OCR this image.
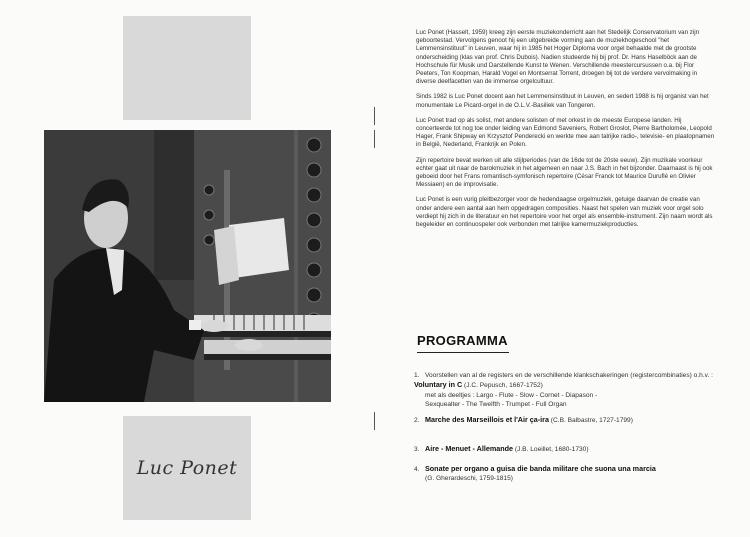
Luc Ponet

Luc Ponet (Hasselt, 1959) kreeg zijn eerste muziekonderricht aan het Stedelijk Conservatorium van zijn geboortestad. Vervolgens genoot hij een uitgebreide vorming aan de muziekhogeschool "het Lemmensinstituut" in Leuven, waar hij in 1985 het Hoger Diploma voor orgel behaalde met de grootste onderscheiding (klas van prof. Chris Dubois). Nadien studeerde hij bij prof. Dr. Hans Haselböck aan de Hochschule für Musik und Darstellende Kunst te Wenen. Verschillende meestercursussen o.a. bij Flor Peeters, Ton Koopman, Harald Vogel en Montserrat Torrent, droegen bij tot de verdere vervolmaking in diverse deelfacetten van de immense orgelcultuur.

Sinds 1982 is Luc Ponet docent aan het Lemmensinstituut in Leuven, en sedert 1988 is hij organist van het monumentale Le Picard-orgel in de O.L.V.-Basiliek van Tongeren.

Luc Ponet trad op als solist, met andere solisten of met orkest in de meeste Europese landen. Hij concerteerde tot nog toe onder leiding van Edmond Saveniers, Robert Groslot, Pierre Bartholomée, Leopold Hager, Frank Shipway en Krzysztof Penderecki en werkte mee aan talrijke radio-, televisie- en plaatopnamen in België, Nederland, Frankrijk en Polen.

Zijn repertoire bevat werken uit alle stijlperiodes (van de 16de tot de 20ste eeuw). Zijn muzikale voorkeur echter gaat uit naar de barokmuziek in het algemeen en naar J.S. Bach in het bijzonder. Daarnaast is hij ook geboeid door het Frans romantisch-symfonisch repertoire (César Franck tot Maurice Duruflé en Olivier Messiaen) en de improvisatie.

Luc Ponet is een vurig pleitbezorger voor de hedendaagse orgelmuziek, getuige daarvan de creatie van onder andere een aantal aan hem opgedragen composities. Naast het spelen van muziek voor orgel solo verdiept hij zich in de literatuur en het repertoire voor het orgel als ensemble-instrument. Zijn naam wordt als begeleider en continuospeler ook verbonden met talrijke kamermuziekproducties.

PROGRAMMA
1. Voorstellen van al de registers en de verschillende klankschakeringen (registercombinaties) o.h.v. : Voluntary in C (J.C. Pepusch, 1667-1752)
met als deeltjes : Largo - Flute - Slow - Cornet - Diapason -
Sexquealter - The Twelfth - Trumpet - Full Organ
2. Marche des Marseillois et l'Air ça-ira (C.B. Balbastre, 1727-1799)
3. Aire - Menuet - Allemande (J.B. Loeillet, 1680-1730)
4. Sonate per organo a guisa die banda militare che suona una marcia
(G. Gherardeschi, 1759-1815)
